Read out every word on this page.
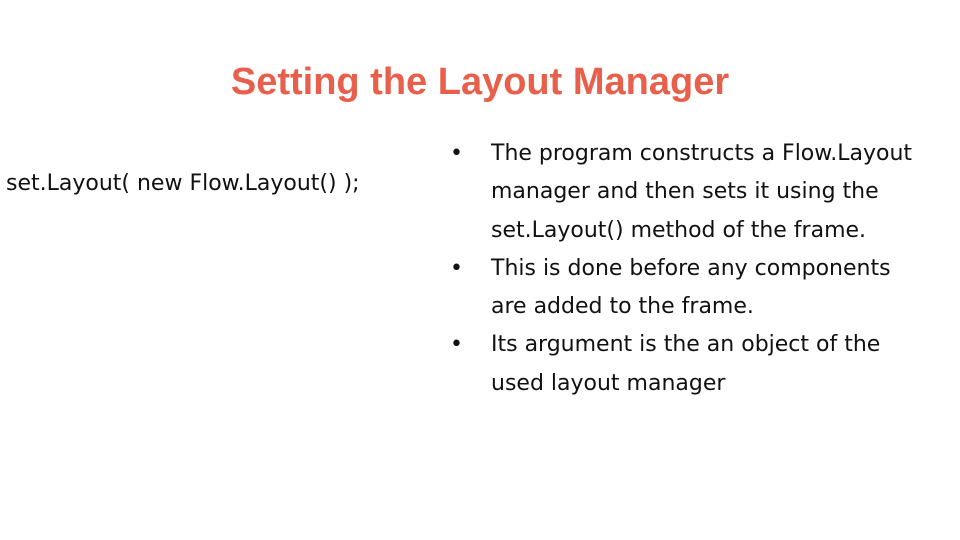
Setting the Layout Manager
set.Layout( new Flow.Layout() );
•	The program constructs a Flow.Layout manager and then sets it using the set.Layout() method of the frame.
•	This is done before any components are added to the frame.
•	Its argument is the an object of the used layout manager
